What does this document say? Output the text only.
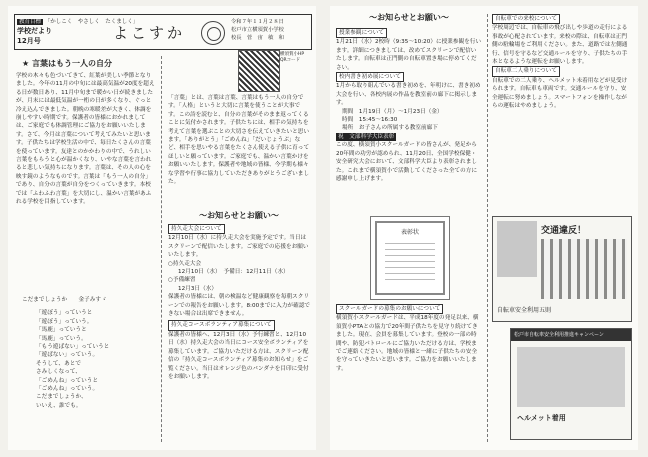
教育目標 「かしこく　やさしく　たくましく」
学校だより
12月号	よこすか
令和７年１１月２８日
松戸市立横須賀小学校
校長　菅　宙　敏　和
横須賀小HP QRコード
★ 言葉はもう一人の自分
学校の木々も色づいてきて、紅葉が美しい季節となりました。今年の11月の中旬には最高気温が20度を超える日が数日あり、11月中旬まで暖かい日が続きましたが、月末には最低気温が一桁の日が多くなり、ぐっと冷え込んできました。朝晩の寒暖差が大きく、体調を崩しやすい時期です。保護者の皆様におかれましては、ご家庭でも体調管理にご協力をお願いいたします。さて、今月は言葉について考えてみたいと思います。子供たちは学校生活の中で、毎日たくさんの言葉を使っています。友達とのかかわりの中で、うれしい言葉をもらうと心が温かくなり、いやな言葉を言われると悲しい気持ちになります。言葉は、その人の心を映す鏡のようなものです。言葉は「もう一人の自分」であり、自分の言葉が自分をつくっていきます。本校では「ふわふわ言葉」を大切にし、温かい言葉があふれる学校を目指しています。
こだまでしょうか　　金子みすゞ
「遊ぼう」っていうと
「遊ぼう」っていう。
「馬鹿」っていうと
「馬鹿」っていう。
「もう遊ばない」っていうと
「遊ばない」っていう。
そうして、あとで
さみしくなって、
「ごめんね」っていうと
「ごめんね」っていう。
こだまでしょうか、
いいえ、誰でも。
「言葉」とは、言葉は言葉、言葉はもう一人の自分です。「人格」というと大切に言葉を使うことが大事です。この詩を読むと、自分の言葉がそのまま返ってくることに気付かされます。子供たちには、相手の気持ちを考えて言葉を選ぶことの大切さを伝えていきたいと思います。「ありがとう」「ごめんね」「だいじょうぶ」など、相手を思いやる言葉をたくさん使える子供に育ってほしいと願っています。ご家庭でも、温かい言葉かけをお願いいたします。保護者や地域の皆様、今学期も様々な学習や行事に協力していただきありがとうございました。
～お知らせとお願い～
持久走大会について
12月10日（水）に持久走大会を実施予定です。当日はスクリーンで配信いたします。ご家庭での応援をお願いいたします。
○持久走大会
12月10日（水）　予備日：12月11日（水）
○予備練習
12月3日（水）
保護者の皆様には、朝の検温など健康観察を毎朝スクリーンでの報告をお願いします。8:00までに入力が確認できない場合は出席できません。
持久走コースボランティア募集について
保護者の皆様へ、12月3日（水）予行練習と、12月10日（水）持久走大会の当日にコース安全ボランティアを募集しています。ご協力いただける方は、スクリーン配信の「持久走コースボランティア募集のお知らせ」をご覧ください。当日はオレンジ色のバンダナを目印に受付をお願いします。
～お知らせとお願い～
授業参観について
1月21日（水）2校時（9:35～10:20）に授業参観を行います。詳細につきましては、改めてスクリーンで配信いたします。自転車は正門側の自転車置き場に停めてください。
校内書き初め展について
1月から取り組んでいる書き初めを、年明けに、書き初め大会を行い、各校内展の作品を教室前の廊下に掲示します。
期間　1月19日（月）～1月23日（金）
時間　15:45～16:30
場所　お子さんの所属する教室前廊下
祝　文部科学大臣表彰
この度、横須賀小スクールガードの皆さんが、発足から20年間の功労が認められ、11月20日、全国学校保健・安全研究大会において、文部科学大臣より表彰されました。これまで横須賀小で活動してくださった全ての方に感謝申し上げます。
表彰状
スクールガードの募集のお願いについて
横須賀小スクールガードは、平成18年度の発足以来、横須賀小PTAとの協力で20年間子供たちを見守り続けてきました。現在、会員を募集しています。登校の一部の時間や、防犯パトロールにご協力いただける方は、学校までご連絡ください。地域の皆様と一緒に子供たちの安全を守っていきたいと思います。ご協力をお願いいたします。
自転車での来校について
学校周辺では、自転車の飛び出しや歩道の走行による事故が心配されています。来校の際は、自転車は正門側の駐輪場をご利用ください。また、道路では左側通行、信号を守るなど交通ルールを守り、子供たちの手本となるような運転をお願いします。
自転車二人乗りについて
自転車での二人乗り、ヘルメット未着用などが見受けられます。自転車も車両です。交通ルールを守り、安全運転に努めましょう。スマートフォンを操作しながらの運転はやめましょう。
交通違反！
自転車安全利用五則
松戸市自転車安全利用推進キャンペーン
ヘルメット着用
